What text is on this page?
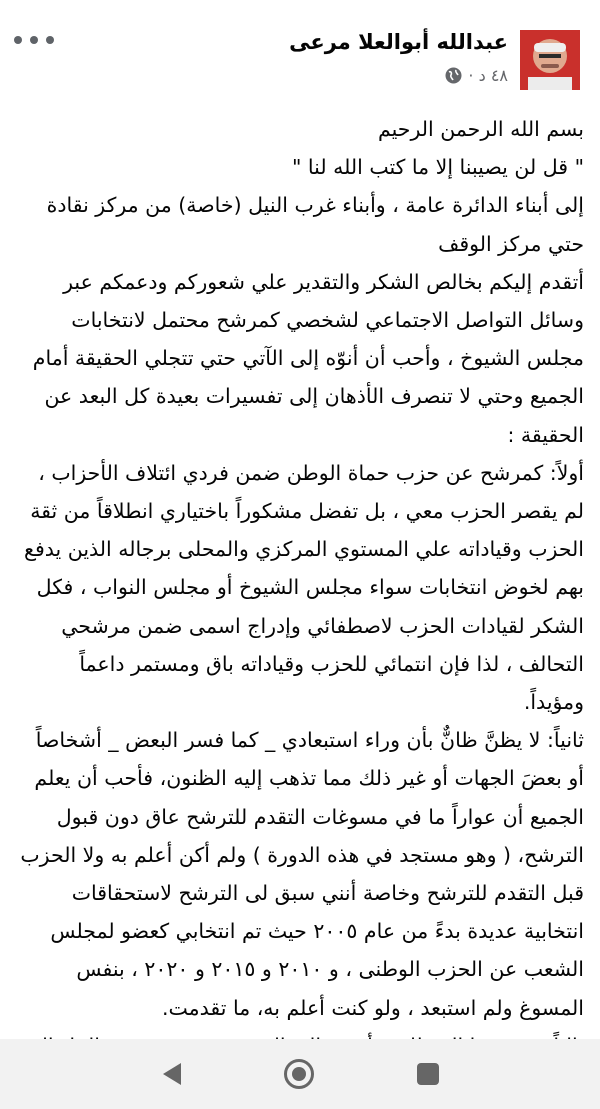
عبدالله أبوالعلا مرعى
٤٨ د ·

بسم الله الرحمن الرحيم

" قل لن يصيبنا إلا ما كتب الله لنا "

إلى أبناء الدائرة عامة ، وأبناء غرب النيل (خاصة) من مركز نقادة حتي مركز الوقف

أتقدم إليكم بخالص الشكر والتقدير علي شعوركم ودعمكم عبر وسائل التواصل الاجتماعي لشخصي كمرشح محتمل لانتخابات مجلس الشيوخ ، وأحب أن أنوّه إلى الآتي حتي تتجلي الحقيقة أمام الجميع وحتي لا تنصرف الأذهان إلى تفسيرات بعيدة كل البعد عن الحقيقة :

أولاً: كمرشح عن حزب حماة الوطن ضمن فردي ائتلاف الأحزاب ، لم يقصر الحزب معي ، بل تفضل مشكوراً باختياري انطلاقاً من ثقة الحزب وقياداته علي المستوي المركزي والمحلى برجاله الذين يدفع بهم لخوض انتخابات سواء مجلس الشيوخ أو مجلس النواب ، فكل الشكر لقيادات الحزب لاصطفائي وإدراج اسمى ضمن مرشحي التحالف ، لذا فإن انتمائي للحزب وقياداته باق ومستمر داعماً ومؤيداً.

ثانياً: لا يظنَّ ظانٌّ بأن وراء استبعادي _ كما فسر البعض _ أشخاصاً أو بعضَ الجهات أو غير ذلك مما تذهب إليه الظنون، فأحب أن يعلم الجميع أن عواراً ما في مسوغات التقدم للترشح عاق دون قبول الترشح، ( وهو مستجد في هذه الدورة ) ولم أكن أعلم به ولا الحزب قبل التقدم للترشح وخاصة أنني سبق لى الترشح لاستحقاقات انتخابية عديدة بدءً من عام ٢٠٠٥ حيث تم انتخابي كعضو لمجلس الشعب عن الحزب الوطنى ، و ٢٠١٠ و ٢٠١٥ و ٢٠٢٠ ، بنفس المسوغ ولم استبعد ، ولو كنت أعلم به، ما تقدمت.
